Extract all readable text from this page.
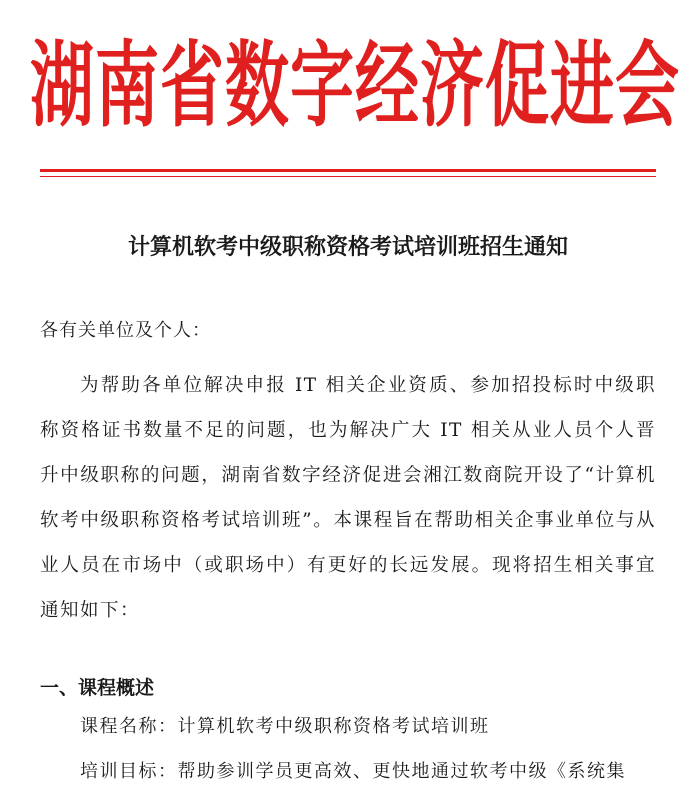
湖南省数字经济促进会
计算机软考中级职称资格考试培训班招生通知
各有关单位及个人：

为帮助各单位解决申报 IT 相关企业资质、参加招投标时中级职称资格证书数量不足的问题，也为解决广大 IT 相关从业人员个人晋升中级职称的问题，湖南省数字经济促进会湘江数商院开设了“计算机软考中级职称资格考试培训班”。本课程旨在帮助相关企事业单位与从业人员在市场中（或职场中）有更好的长远发展。现将招生相关事宜通知如下：

一、课程概述
课程名称：计算机软考中级职称资格考试培训班
培训目标：帮助参训学员更高效、更快地通过软考中级《系统集
